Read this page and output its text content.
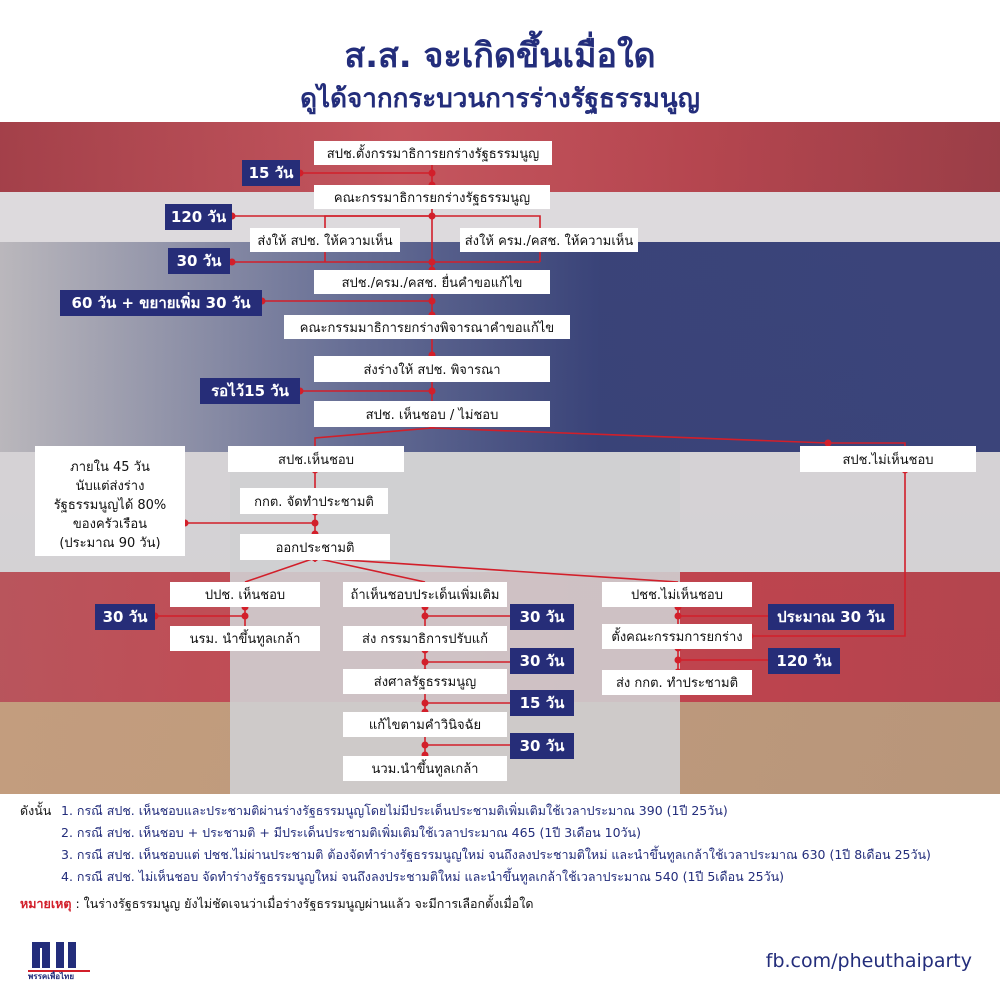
ส.ส. จะเกิดขึ้นเมื่อใด
ดูได้จากกระบวนการร่างรัฐธรรมนูญ
สปช.ตั้งกรรมาธิการยกร่างรัฐธรรมนูญ
คณะกรรมาธิการยกร่างรัฐธรรมนูญ
ส่งให้ สปช. ให้ความเห็น	ส่งให้ ครม./คสช. ให้ความเห็น
สปช./ครม./คสช. ยื่นคำขอแก้ไข
คณะกรรมมาธิการยกร่างพิจารณาคำขอแก้ไข
ส่งร่างให้ สปช. พิจารณา
สปช. เห็นชอบ / ไม่ชอบ
สปช.เห็นชอบ	สปช.ไม่เห็นชอบ
กกต. จัดทำประชามติ
ออกประชามติ
ปปช. เห็นชอบ
นรม. นำขึ้นทูลเกล้า
ถ้าเห็นชอบประเด็นเพิ่มเติม
ส่ง กรรมาธิการปรับแก้
ส่งศาลรัฐธรรมนูญ
แก้ไขตามคำวินิจฉัย
นวม.นำขึ้นทูลเกล้า
ปชช.ไม่เห็นชอบ
ตั้งคณะกรรมการยกร่าง
ส่ง กกต. ทำประชามติ
15 วัน
120 วัน
30 วัน
60 วัน + ขยายเพิ่ม 30 วัน
รอไว้15 วัน
30 วัน	30 วัน
30 วัน
15 วัน
30 วัน
ประมาณ 30 วัน
120 วัน
ภายใน 45 วัน
นับแต่ส่งร่าง
รัฐธรรมนูญได้ 80%
ของครัวเรือน
(ประมาณ 90 วัน)
ดังนั้น 1. กรณี สปช. เห็นชอบและประชามติผ่านร่างรัฐธรรมนูญโดยไม่มีประเด็นประชามติเพิ่มเติมใช้เวลาประมาณ 390 (1ปี 25วัน)
2. กรณี สปช. เห็นชอบ + ประชามติ + มีประเด็นประชามติเพิ่มเติมใช้เวลาประมาณ 465 (1ปี 3เดือน 10วัน)
3. กรณี สปช. เห็นชอบแต่ ปชช.ไม่ผ่านประชามติ ต้องจัดทำร่างรัฐธรรมนูญใหม่ จนถึงลงประชามติใหม่ และนำขึ้นทูลเกล้าใช้เวลาประมาณ 630 (1ปี 8เดือน 25วัน)
4. กรณี สปช. ไม่เห็นชอบ จัดทำร่างรัฐธรรมนูญใหม่ จนถึงลงประชามติใหม่ และนำขึ้นทูลเกล้าใช้เวลาประมาณ 540 (1ปี 5เดือน 25วัน)
หมายเหตุ : ในร่างรัฐธรรมนูญ ยังไม่ชัดเจนว่าเมื่อร่างรัฐธรรมนูญผ่านแล้ว จะมีการเลือกตั้งเมื่อใด
พรรคเพื่อไทย
fb.com/pheuthaiparty
